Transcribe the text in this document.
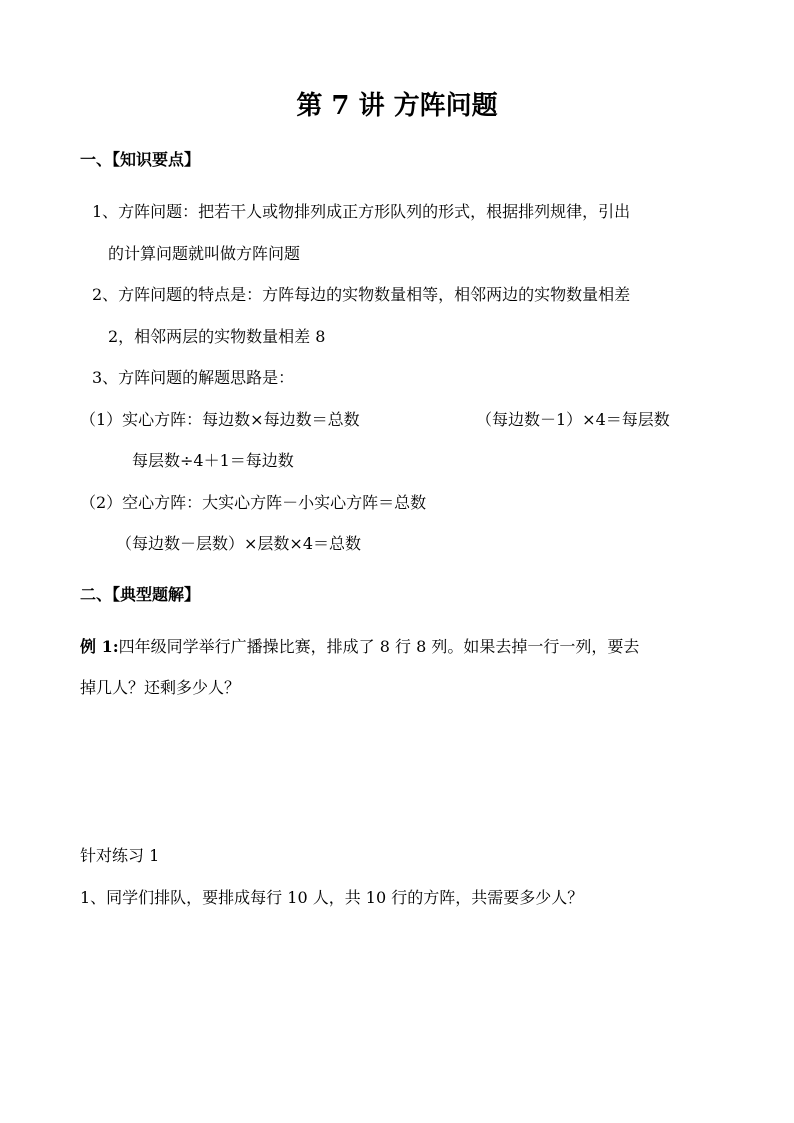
第 7 讲 方阵问题
一、【知识要点】
1、方阵问题：把若干人或物排列成正方形队列的形式，根据排列规律，引出
的计算问题就叫做方阵问题
2、方阵问题的特点是：方阵每边的实物数量相等，相邻两边的实物数量相差
2，相邻两层的实物数量相差 8
3、方阵问题的解题思路是：
（1）实心方阵：每边数×每边数＝总数	（每边数－1）×4＝每层数
每层数÷4＋1＝每边数
（2）空心方阵：大实心方阵－小实心方阵＝总数
（每边数－层数）×层数×4＝总数
二、【典型题解】
例 1:四年级同学举行广播操比赛，排成了 8 行 8 列。如果去掉一行一列，要去
掉几人？还剩多少人？
针对练习 1
1、同学们排队，要排成每行 10 人，共 10 行的方阵，共需要多少人？
